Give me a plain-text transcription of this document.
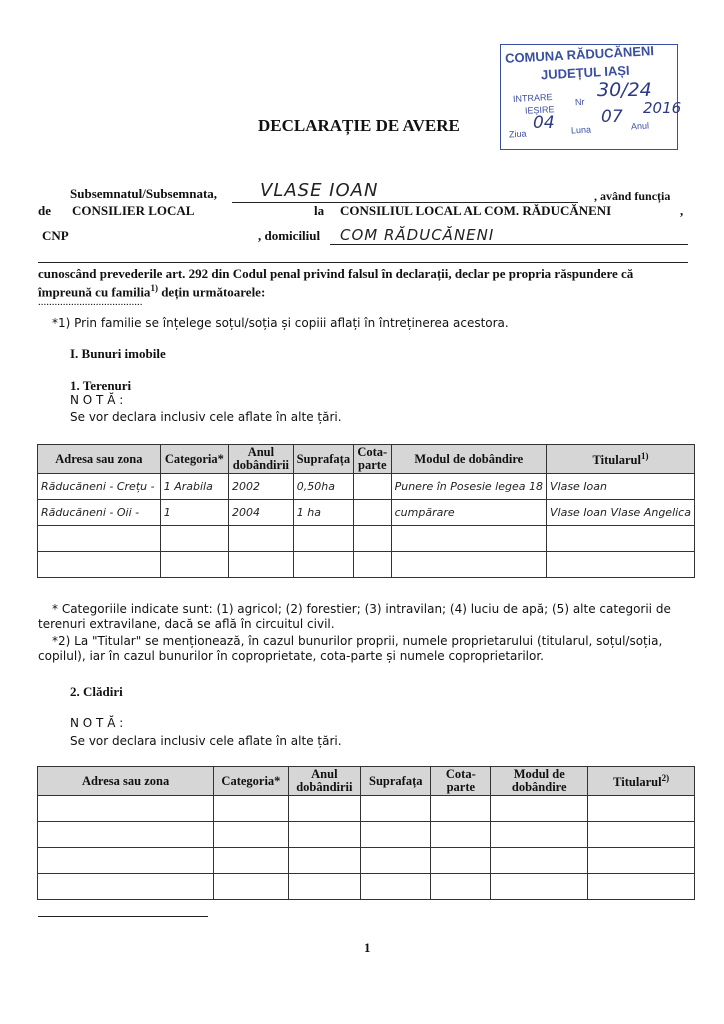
COMUNA RĂDUCĂNENI
JUDEȚUL IAȘI
INTRARE Nr
IEȘIRE
Ziua	Luna	Anul
30/24
04	07 2016
DECLARAȚIE DE AVERE
Subsemnatul/Subsemnata, VLASE IOAN	, având funcția
de CONSILIER LOCAL	la CONSILIUL LOCAL AL COM. RĂDUCĂNENI	,
CNP	, domiciliul COM RĂDUCĂNENI
cunoscând prevederile art. 292 din Codul penal privind falsul în declarații, declar pe propria răspundere că împreună cu familia$^{1)}$ dețin următoarele:
......................................
*1) Prin familie se înțelege soțul/soția și copiii aflați în întreținerea acestora.
I. Bunuri imobile
1. Terenuri
N O T Ă :
Se vor declara inclusiv cele aflate în alte țări.
Adresa sau zona	Categoria*	Anul dobândirii	Suprafața	Cota-parte	Modul de dobândire	Titularul$^{1)}$
Răducăneni - Crețu -	1 Arabila	2002	0,50ha		Punere în Posesie legea 18	Vlase Ioan
Răducăneni - Oii -	1	2004	1 ha		cumpărare	Vlase Ioan Vlase Angelica

* Categoriile indicate sunt: (1) agricol; (2) forestier; (3) intravilan; (4) luciu de apă; (5) alte categorii de terenuri extravilane, dacă se află în circuitul civil.
*2) La "Titular" se menționează, în cazul bunurilor proprii, numele proprietarului (titularul, soțul/soția, copilul), iar în cazul bunurilor în coproprietate, cota-parte și numele coproprietarilor.
2. Clădiri
N O T Ă :
Se vor declara inclusiv cele aflate în alte țări.
Adresa sau zona	Categoria*	Anul dobândirii	Suprafața	Cota-parte	Modul de dobândire	Titularul$^{2)}$

1
